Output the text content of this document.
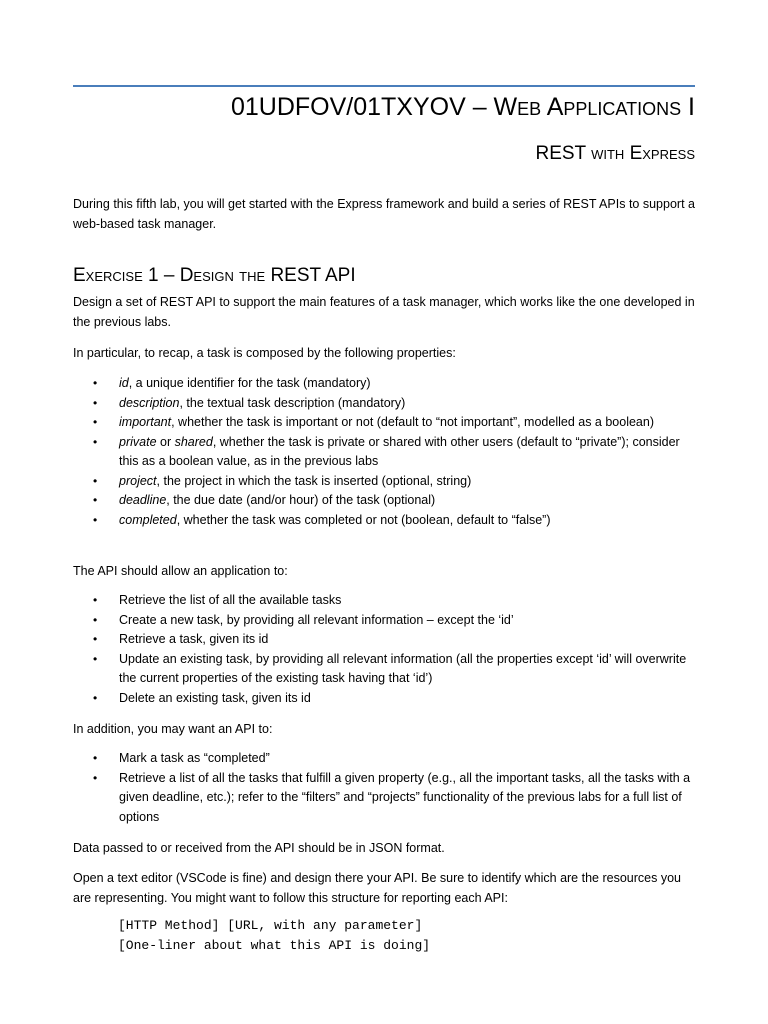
01UDFOV/01TXYOV – Web Applications I
REST with Express
During this fifth lab, you will get started with the Express framework and build a series of REST APIs to support a web-based task manager.
Exercise 1 – Design the REST API

Design a set of REST API to support the main features of a task manager, which works like the one developed in the previous labs.

In particular, to recap, a task is composed by the following properties:

• id, a unique identifier for the task (mandatory)
• description, the textual task description (mandatory)
• important, whether the task is important or not (default to “not important”, modelled as a boolean)
• private or shared, whether the task is private or shared with other users (default to “private”); consider this as a boolean value, as in the previous labs
• project, the project in which the task is inserted (optional, string)
• deadline, the due date (and/or hour) of the task (optional)
• completed, whether the task was completed or not (boolean, default to “false”)

The API should allow an application to:

• Retrieve the list of all the available tasks
• Create a new task, by providing all relevant information – except the ‘id’
• Retrieve a task, given its id
• Update an existing task, by providing all relevant information (all the properties except ‘id’ will overwrite the current properties of the existing task having that ‘id’)
• Delete an existing task, given its id

In addition, you may want an API to:

• Mark a task as “completed”
• Retrieve a list of all the tasks that fulfill a given property (e.g., all the important tasks, all the tasks with a given deadline, etc.); refer to the “filters” and “projects” functionality of the previous labs for a full list of options

Data passed to or received from the API should be in JSON format.

Open a text editor (VSCode is fine) and design there your API. Be sure to identify which are the resources you are representing. You might want to follow this structure for reporting each API:

[HTTP Method] [URL, with any parameter]
[One-liner about what this API is doing]
